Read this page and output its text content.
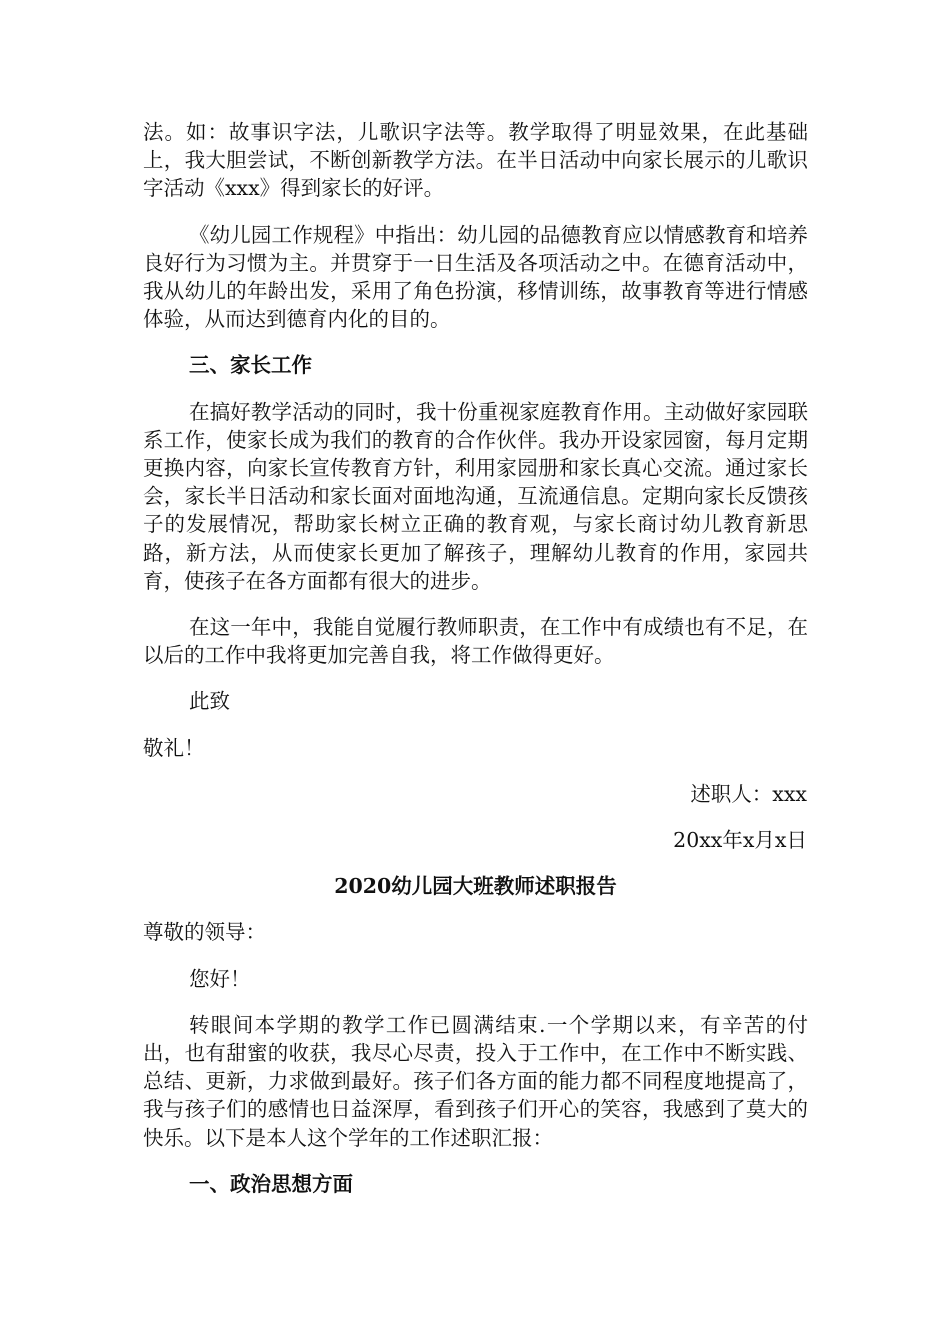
法。如：故事识字法，儿歌识字法等。教学取得了明显效果，在此基础上，我大胆尝试，不断创新教学方法。在半日活动中向家长展示的儿歌识字活动《xxx》得到家长的好评。

《幼儿园工作规程》中指出：幼儿园的品德教育应以情感教育和培养良好行为习惯为主。并贯穿于一日生活及各项活动之中。在德育活动中，我从幼儿的年龄出发，采用了角色扮演，移情训练，故事教育等进行情感体验，从而达到德育内化的目的。

三、家长工作

在搞好教学活动的同时，我十份重视家庭教育作用。主动做好家园联系工作，使家长成为我们的教育的合作伙伴。我办开设家园窗，每月定期更换内容，向家长宣传教育方针，利用家园册和家长真心交流。通过家长会，家长半日活动和家长面对面地沟通，互流通信息。定期向家长反馈孩子的发展情况，帮助家长树立正确的教育观，与家长商讨幼儿教育新思路，新方法，从而使家长更加了解孩子，理解幼儿教育的作用，家园共育，使孩子在各方面都有很大的进步。

在这一年中，我能自觉履行教师职责，在工作中有成绩也有不足，在以后的工作中我将更加完善自我，将工作做得更好。

此致

敬礼！

述职人：xxx

20xx年x月x日

2020幼儿园大班教师述职报告

尊敬的领导：

您好！

转眼间本学期的教学工作已圆满结束.一个学期以来，有辛苦的付出，也有甜蜜的收获，我尽心尽责，投入于工作中，在工作中不断实践、总结、更新，力求做到最好。孩子们各方面的能力都不同程度地提高了，我与孩子们的感情也日益深厚，看到孩子们开心的笑容，我感到了莫大的快乐。以下是本人这个学年的工作述职汇报：

一、政治思想方面
